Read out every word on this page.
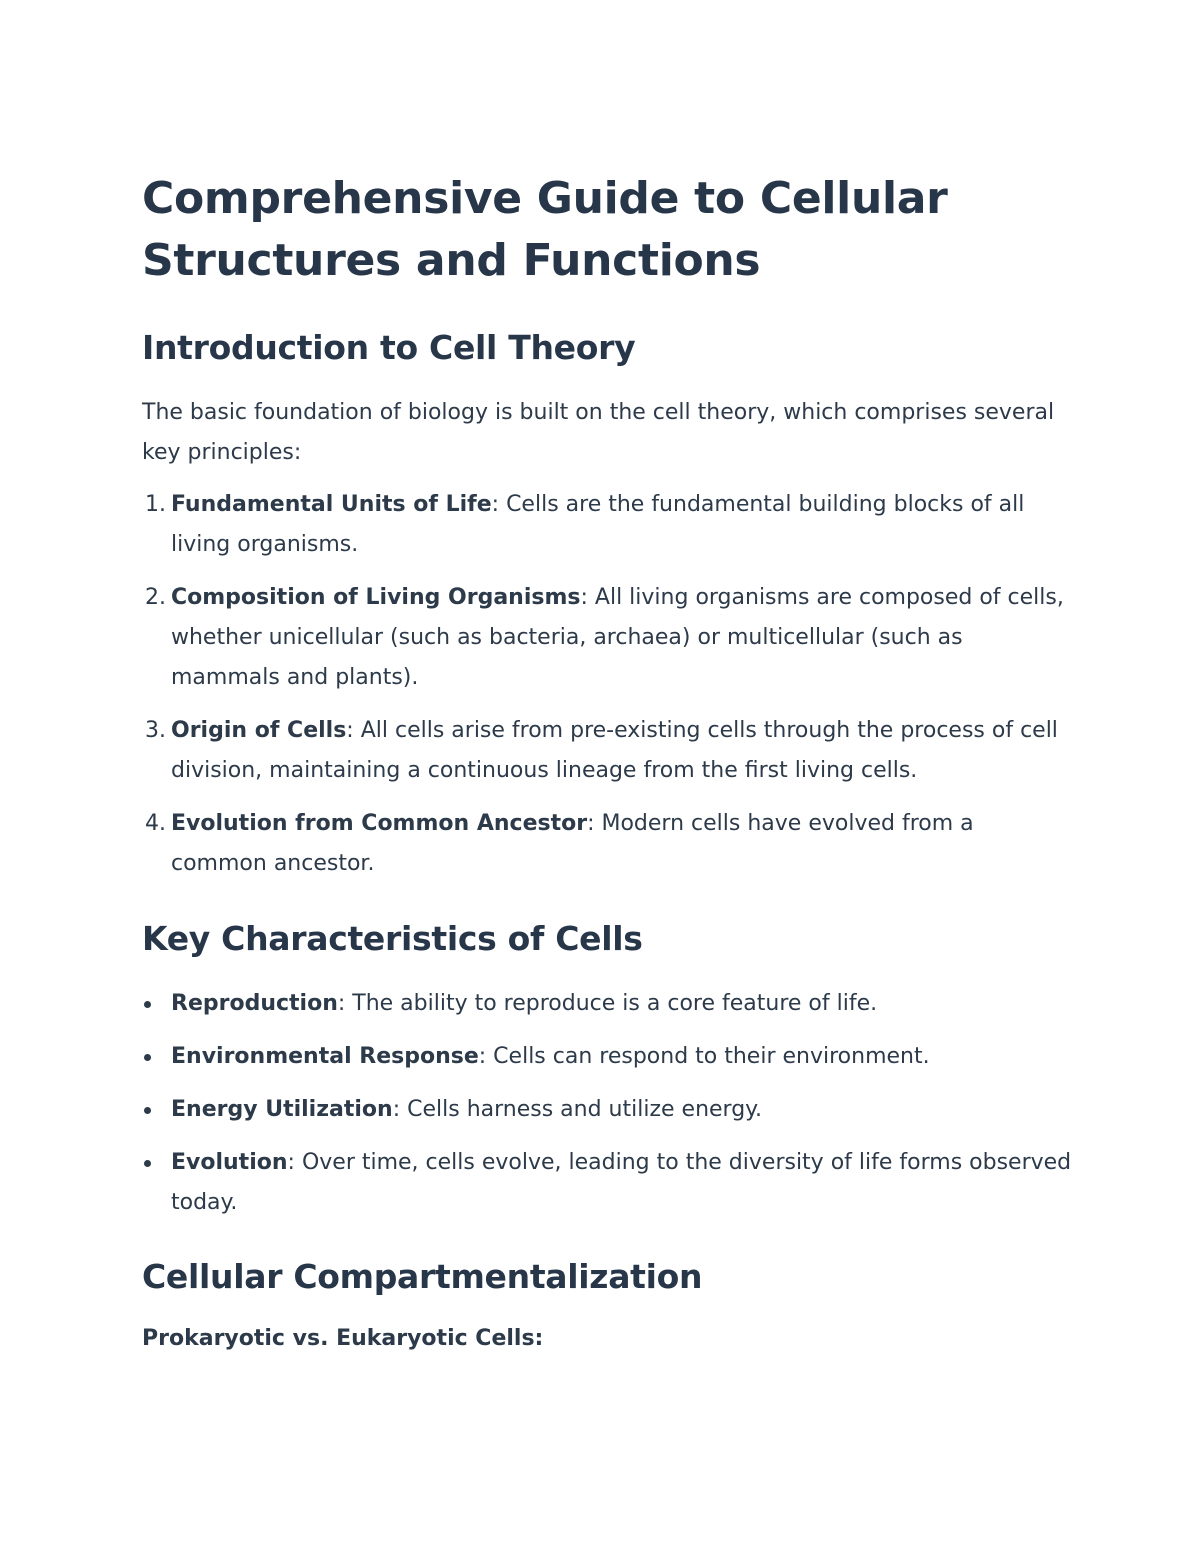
Comprehensive Guide to Cellular Structures and Functions
Introduction to Cell Theory

The basic foundation of biology is built on the cell theory, which comprises several key principles:

1. Fundamental Units of Life: Cells are the fundamental building blocks of all living organisms.
2. Composition of Living Organisms: All living organisms are composed of cells, whether unicellular (such as bacteria, archaea) or multicellular (such as mammals and plants).
3. Origin of Cells: All cells arise from pre-existing cells through the process of cell division, maintaining a continuous lineage from the first living cells.
4. Evolution from Common Ancestor: Modern cells have evolved from a common ancestor.
Key Characteristics of Cells
Reproduction: The ability to reproduce is a core feature of life.
Environmental Response: Cells can respond to their environment.
Energy Utilization: Cells harness and utilize energy.
Evolution: Over time, cells evolve, leading to the diversity of life forms observed today.
Cellular Compartmentalization

Prokaryotic vs. Eukaryotic Cells:
